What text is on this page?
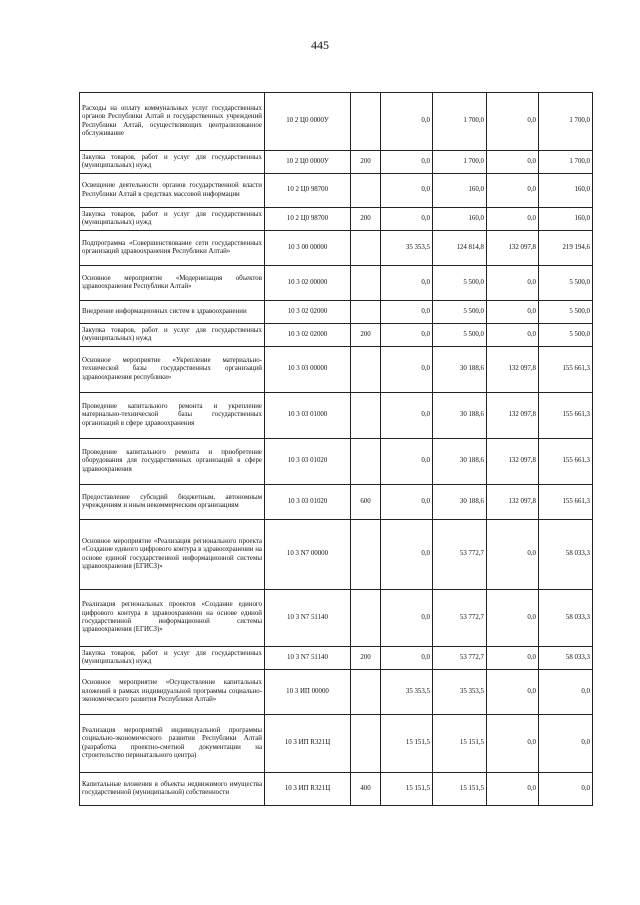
445
Расходы на оплату коммунальных услуг государственных органов Республики Алтай и государственных учреждений Республики Алтай, осуществляющих централизованное обслуживание	10 2 Ц0 0000У		0,0	1 700,0	0,0	1 700,0
Закупка товаров, работ и услуг для государственных (муниципальных) нужд	10 2 Ц0 0000У	200	0,0	1 700,0	0,0	1 700,0
Освещение деятельности органов государственной власти Республики Алтай в средствах массовой информации	10 2 Ц0 98700		0,0	160,0	0,0	160,0
Закупка товаров, работ и услуг для государственных (муниципальных) нужд	10 2 Ц0 98700	200	0,0	160,0	0,0	160,0
Подпрограмма «Совершенствование сети государственных организаций здравоохранения Республики Алтай»	10 3 00 00000		35 353,5	124 814,8	132 097,8	219 194,6
Основное мероприятие «Модернизация объектов здравоохранения Республики Алтай»	10 3 02 00000		0,0	5 500,0	0,0	5 500,0
Внедрение информационных систем в здравоохранении	10 3 02 02000		0,0	5 500,0	0,0	5 500,0
Закупка товаров, работ и услуг для государственных (муниципальных) нужд	10 3 02 02000	200	0,0	5 500,0	0,0	5 500,0
Основное мероприятие «Укрепление материально-технической базы государственных организаций здравоохранения республики»	10 3 03 00000		0,0	30 188,6	132 097,8	155 661,3
Проведение капитального ремонта и укрепление материально-технической базы государственных организаций в сфере здравоохранения	10 3 03 01000		0,0	30 188,6	132 097,8	155 661,3
Проведение капитального ремонта и приобретение оборудования для государственных организаций в сфере здравоохранения	10 3 03 01020		0,0	30 188,6	132 097,8	155 661,3
Предоставление субсидий бюджетным, автономным учреждениям и иным некоммерческим организациям	10 3 03 01020	600	0,0	30 188,6	132 097,8	155 661,3
Основное мероприятие «Реализация регионального проекта «Создание единого цифрового контура в здравоохранении на основе единой государственной информационной системы здравоохранения (ЕГИСЗ)»	10 3 N7 00000		0,0	53 772,7	0,0	58 033,3
Реализация региональных проектов «Создание единого цифрового контура в здравоохранении на основе единой государственной информационной системы здравоохранения (ЕГИСЗ)»	10 3 N7 51140		0,0	53 772,7	0,0	58 033,3
Закупка товаров, работ и услуг для государственных (муниципальных) нужд	10 3 N7 51140	200	0,0	53 772,7	0,0	58 033,3
Основное мероприятие «Осуществление капитальных вложений в рамках индивидуальной программы социально-экономического развития Республики Алтай»	10 3 ИП 00000		35 353,5	35 353,5	0,0	0,0
Реализация мероприятий индивидуальной программы социально-экономического развития Республики Алтай (разработка проектно-сметной документации на строительство перинатального центра)	10 3 ИП R321Ц		15 151,5	15 151,5	0,0	0,0
Капитальные вложения в объекты недвижимого имущества государственной (муниципальной) собственности	10 3 ИП R321Ц	400	15 151,5	15 151,5	0,0	0,0
